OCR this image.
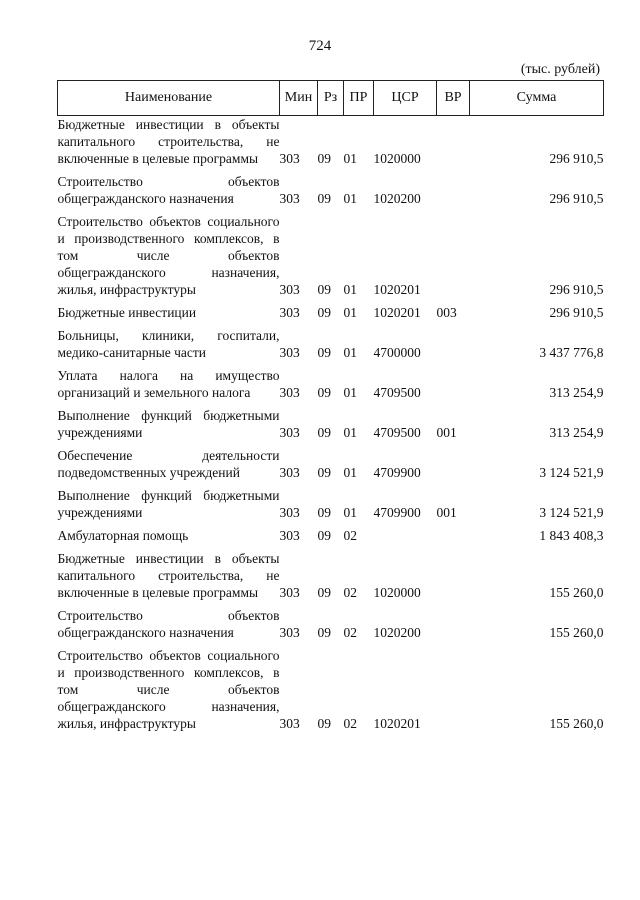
724
(тыс. рублей)
Наименование	Мин	Рз	ПР	ЦСР	ВР	Сумма
Бюджетные инвестиции в объекты капитального строительства, не включенные в целевые программы	303	09	01	1020000		296 910,5
Строительство объектов общегражданского назначения	303	09	01	1020200		296 910,5
Строительство объектов социального и производственного комплексов, в том числе объектов общегражданского назначения, жилья, инфраструктуры	303	09	01	1020201		296 910,5
Бюджетные инвестиции	303	09	01	1020201	003	296 910,5
Больницы, клиники, госпитали, медико-санитарные части	303	09	01	4700000		3 437 776,8
Уплата налога на имущество организаций и земельного налога	303	09	01	4709500		313 254,9
Выполнение функций бюджетными учреждениями	303	09	01	4709500	001	313 254,9
Обеспечение деятельности подведомственных учреждений	303	09	01	4709900		3 124 521,9
Выполнение функций бюджетными учреждениями	303	09	01	4709900	001	3 124 521,9
Амбулаторная помощь	303	09	02			1 843 408,3
Бюджетные инвестиции в объекты капитального строительства, не включенные в целевые программы	303	09	02	1020000		155 260,0
Строительство объектов общегражданского назначения	303	09	02	1020200		155 260,0
Строительство объектов социального и производственного комплексов, в том числе объектов общегражданского назначения, жилья, инфраструктуры	303	09	02	1020201		155 260,0
